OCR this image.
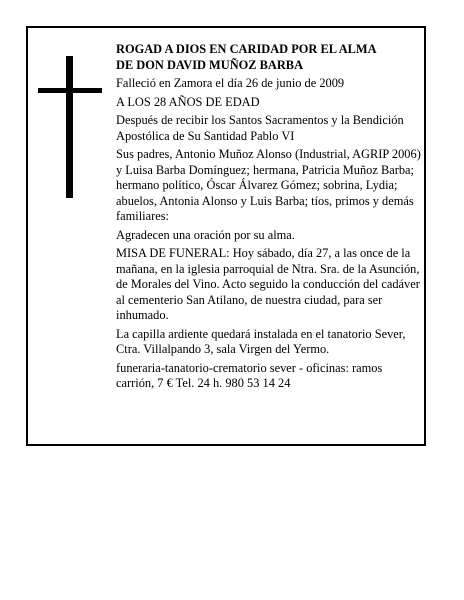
ROGAD A DIOS EN CARIDAD POR EL ALMA
DE DON DAVID MUÑOZ BARBA

Falleció en Zamora el día 26 de junio de 2009

A LOS 28 AÑOS DE EDAD

Después de recibir los Santos Sacramentos y la Bendición Apostólica de Su Santidad Pablo VI

Sus padres, Antonio Muñoz Alonso (Industrial, AGRIP 2006) y Luisa Barba Domínguez; hermana, Patricia Muñoz Barba; hermano político, Óscar Álvarez Gómez; sobrina, Lydia; abuelos, Antonia Alonso y Luis Barba; tíos, primos y demás familiares:

Agradecen una oración por su alma.

MISA DE FUNERAL: Hoy sábado, día 27, a las once de la mañana, en la iglesia parroquial de Ntra. Sra. de la Asunción, de Morales del Vino. Acto seguido la conducción del cadáver al cementerio San Atilano, de nuestra ciudad, para ser inhumado.

La capilla ardiente quedará instalada en el tanatorio Sever, Ctra. Villalpando 3, sala Virgen del Yermo.

funeraria-tanatorio-crematorio sever - oficinas: ramos carrión, 7 € Tel. 24 h. 980 53 14 24
